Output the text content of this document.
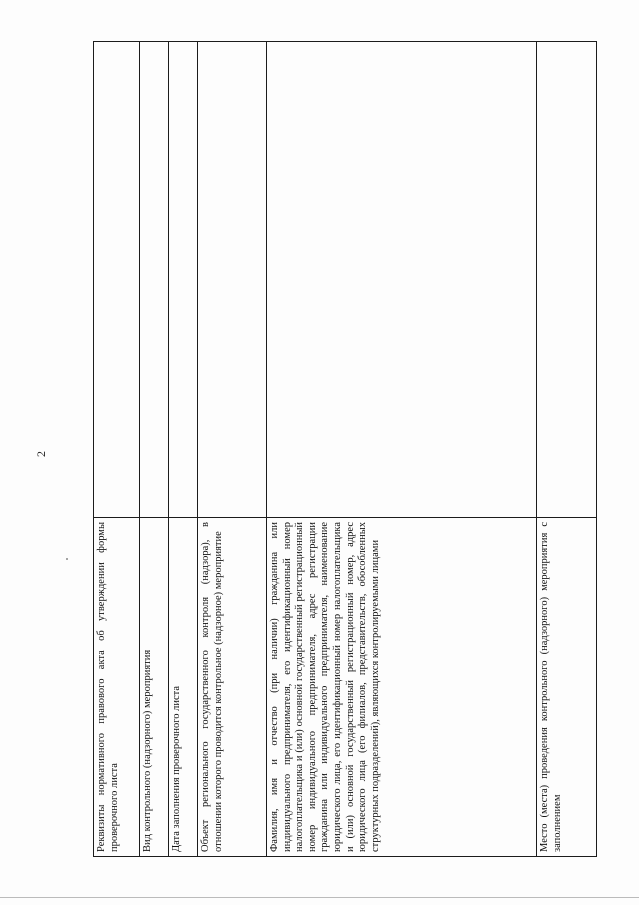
2
Реквизиты нормативного правового акта об утверждении формы проверочного листа	
Вид контрольного (надзорного) мероприятия	
Дата заполнения проверочного листа	
Объект регионального государственного контроля (надзора), в отношении которого проводится контрольное (надзорное) мероприятие	
Фамилия, имя и отчество (при наличии) гражданина или индивидуального предпринимателя, его идентификационный номер налогоплательщика и (или) основной государственный регистрационный номер индивидуального предпринимателя, адрес регистрации гражданина или индивидуального предпринимателя, наименование юридического лица, его идентификационный номер налогоплательщика и (или) основной государственный регистрационный номер, адрес юридического лица (его филиалов, представительств, обособленных структурных подразделений), являющихся контролируемыми лицами	
Место (места) проведения контрольного (надзорного) мероприятия с заполнением	
